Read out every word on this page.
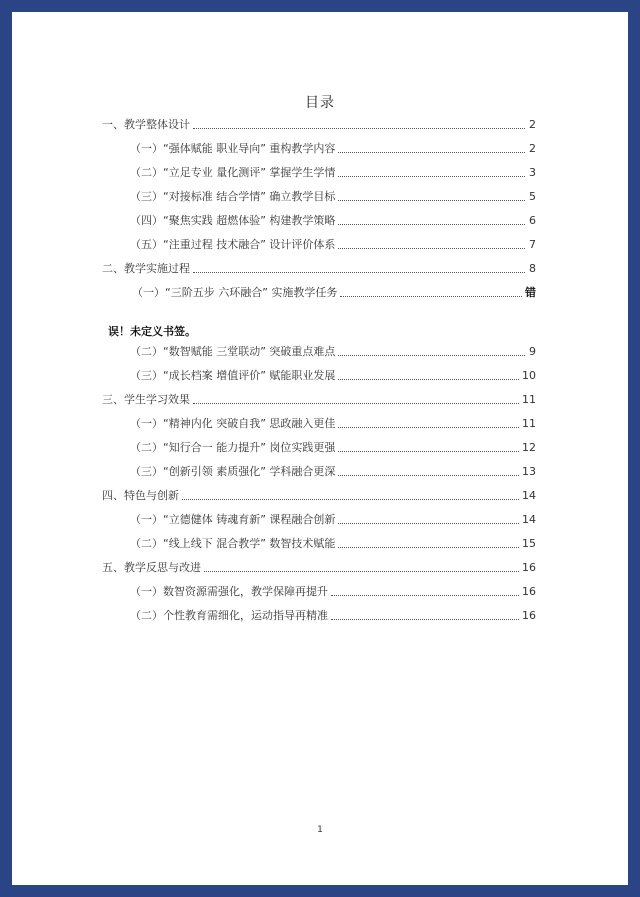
目录
一、教学整体设计	2
（一）“强体赋能 职业导向” 重构教学内容	2
（二）“立足专业 量化测评” 掌握学生学情	3
（三）“对接标准 结合学情” 确立教学目标	5
（四）“聚焦实践 超燃体验” 构建教学策略	6
（五）“注重过程 技术融合” 设计评价体系	7
二、教学实施过程	8
（一）“三阶五步 六环融合” 实施教学任务	错
误！未定义书签。
（二）“数智赋能 三堂联动” 突破重点难点	9
（三）“成长档案 增值评价” 赋能职业发展	10
三、学生学习效果	11
（一）“精神内化 突破自我” 思政融入更佳	11
（二）“知行合一 能力提升” 岗位实践更强	12
（三）“创新引领 素质强化” 学科融合更深	13
四、特色与创新	14
（一）“立德健体 铸魂育新” 课程融合创新	14
（二）“线上线下 混合教学” 数智技术赋能	15
五、教学反思与改进	16
（一）数智资源需强化，教学保障再提升	16
（二）个性教育需细化，运动指导再精准	16
1
